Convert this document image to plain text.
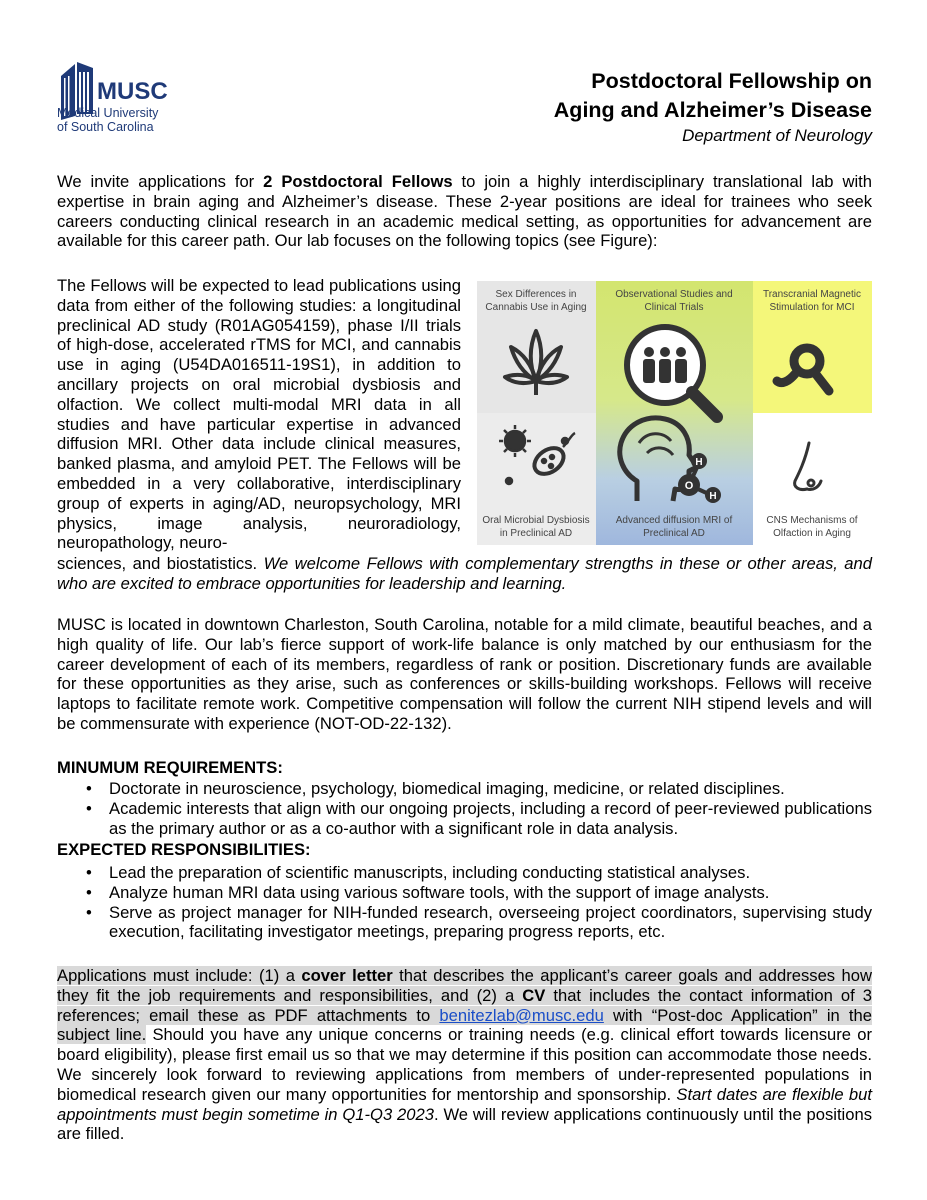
MUSC
Medical University
of South Carolina
Postdoctoral Fellowship on
Aging and Alzheimer’s Disease
Department of Neurology
We invite applications for 2 Postdoctoral Fellows to join a highly interdisciplinary translational lab with expertise in brain aging and Alzheimer’s disease. These 2-year positions are ideal for trainees who seek careers conducting clinical research in an academic medical setting, as opportunities for advancement are available for this career path. Our lab focuses on the following topics (see Figure):
The Fellows will be expected to lead publications using data from either of the following studies: a longitudinal preclinical AD study (R01AG054159), phase I/II trials of high-dose, accelerated rTMS for MCI, and cannabis use in aging (U54DA016511-19S1), in addition to ancillary projects on oral microbial dysbiosis and olfaction. We collect multi-modal MRI data in all studies and have particular expertise in advanced diffusion MRI. Other data include clinical measures, banked plasma, and amyloid PET. The Fellows will be embedded in a very collaborative, interdisciplinary group of experts in aging/AD, neuropsychology, MRI physics, image analysis, neuroradiology, neuropathology, neuro-
sciences, and biostatistics. We welcome Fellows with complementary strengths in these or other areas, and who are excited to embrace opportunities for leadership and learning.
Sex Differences in
Cannabis Use in Aging
Observational Studies and
Clinical Trials
Transcranial Magnetic
Stimulation for MCI
Oral Microbial Dysbiosis
in Preclinical AD
Advanced diffusion MRI of
Preclinical AD
CNS Mechanisms of
Olfaction in Aging
O
H
H
MUSC is located in downtown Charleston, South Carolina, notable for a mild climate, beautiful beaches, and a high quality of life. Our lab’s fierce support of work-life balance is only matched by our enthusiasm for the career development of each of its members, regardless of rank or position. Discretionary funds are available for these opportunities as they arise, such as conferences or skills-building workshops. Fellows will receive laptops to facilitate remote work. Competitive compensation will follow the current NIH stipend levels and will be commensurate with experience (NOT-OD-22-132).
MINUMUM REQUIREMENTS:
• Doctorate in neuroscience, psychology, biomedical imaging, medicine, or related disciplines.
• Academic interests that align with our ongoing projects, including a record of peer-reviewed publications as the primary author or as a co-author with a significant role in data analysis.
EXPECTED RESPONSIBILITIES:
• Lead the preparation of scientific manuscripts, including conducting statistical analyses.
• Analyze human MRI data using various software tools, with the support of image analysts.
• Serve as project manager for NIH-funded research, overseeing project coordinators, supervising study execution, facilitating investigator meetings, preparing progress reports, etc.
Applications must include: (1) a cover letter that describes the applicant’s career goals and addresses how they fit the job requirements and responsibilities, and (2) a CV that includes the contact information of 3 references; email these as PDF attachments to benitezlab@musc.edu with “Post-doc Application” in the subject line. Should you have any unique concerns or training needs (e.g. clinical effort towards licensure or board eligibility), please first email us so that we may determine if this position can accommodate those needs. We sincerely look forward to reviewing applications from members of under-represented populations in biomedical research given our many opportunities for mentorship and sponsorship. Start dates are flexible but appointments must begin sometime in Q1-Q3 2023. We will review applications continuously until the positions are filled.
